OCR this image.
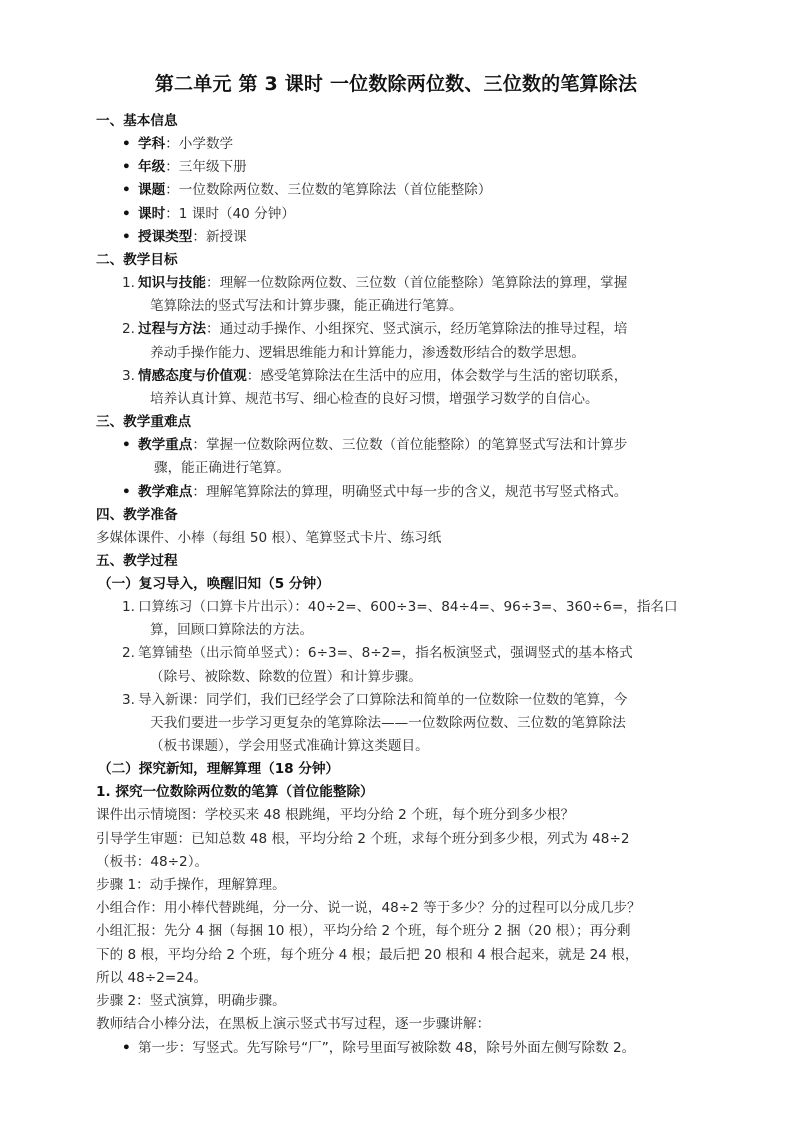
第二单元 第 3 课时 一位数除两位数、三位数的笔算除法
一、基本信息
• 学科：小学数学
• 年级：三年级下册
• 课题：一位数除两位数、三位数的笔算除法（首位能整除）
• 课时：1 课时（40 分钟）
• 授课类型：新授课
二、教学目标
1. 知识与技能：理解一位数除两位数、三位数（首位能整除）笔算除法的算理，掌握
笔算除法的竖式写法和计算步骤，能正确进行笔算。
2. 过程与方法：通过动手操作、小组探究、竖式演示，经历笔算除法的推导过程，培
养动手操作能力、逻辑思维能力和计算能力，渗透数形结合的数学思想。
3. 情感态度与价值观：感受笔算除法在生活中的应用，体会数学与生活的密切联系，
培养认真计算、规范书写、细心检查的良好习惯，增强学习数学的自信心。
三、教学重难点
• 教学重点：掌握一位数除两位数、三位数（首位能整除）的笔算竖式写法和计算步
骤，能正确进行笔算。
• 教学难点：理解笔算除法的算理，明确竖式中每一步的含义，规范书写竖式格式。
四、教学准备
多媒体课件、小棒（每组 50 根）、笔算竖式卡片、练习纸
五、教学过程
（一）复习导入，唤醒旧知（5 分钟）
1. 口算练习（口算卡片出示）：40÷2=、600÷3=、84÷4=、96÷3=、360÷6=，指名口
算，回顾口算除法的方法。
2. 笔算铺垫（出示简单竖式）：6÷3=、8÷2=，指名板演竖式，强调竖式的基本格式
（除号、被除数、除数的位置）和计算步骤。
3. 导入新课：同学们，我们已经学会了口算除法和简单的一位数除一位数的笔算，今
天我们要进一步学习更复杂的笔算除法——一位数除两位数、三位数的笔算除法
（板书课题），学会用竖式准确计算这类题目。
（二）探究新知，理解算理（18 分钟）
1. 探究一位数除两位数的笔算（首位能整除）
课件出示情境图：学校买来 48 根跳绳，平均分给 2 个班，每个班分到多少根？
引导学生审题：已知总数 48 根，平均分给 2 个班，求每个班分到多少根，列式为 48÷2
（板书：48÷2）。
步骤 1：动手操作，理解算理。
小组合作：用小棒代替跳绳，分一分、说一说，48÷2 等于多少？分的过程可以分成几步？
小组汇报：先分 4 捆（每捆 10 根），平均分给 2 个班，每个班分 2 捆（20 根）；再分剩
下的 8 根，平均分给 2 个班，每个班分 4 根；最后把 20 根和 4 根合起来，就是 24 根，
所以 48÷2=24。
步骤 2：竖式演算，明确步骤。
教师结合小棒分法，在黑板上演示竖式书写过程，逐一步骤讲解：
• 第一步：写竖式。先写除号“厂”，除号里面写被除数 48，除号外面左侧写除数 2。
